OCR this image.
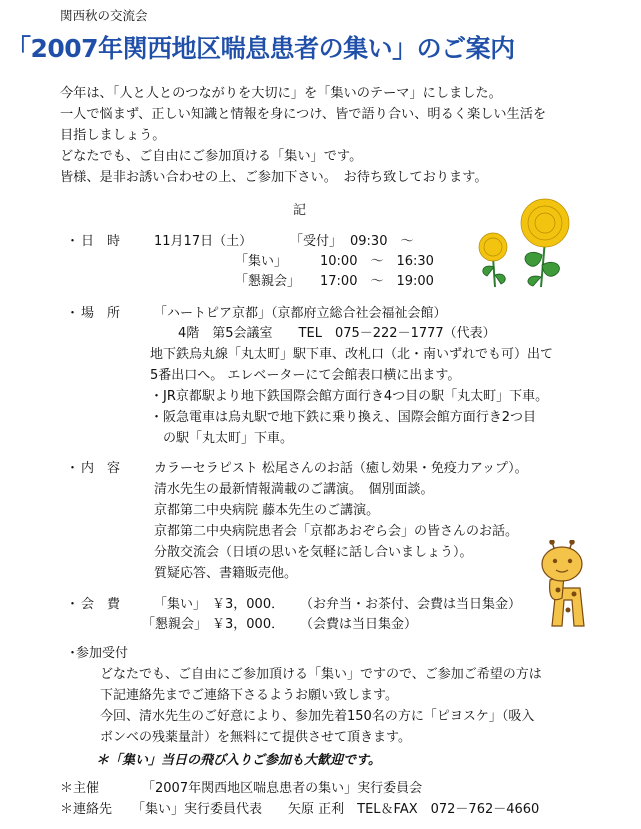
関西秋の交流会
「2007年関西地区喘息患者の集い」のご案内
今年は、「人と人とのつながりを大切に」を「集いのテーマ」にしました。
一人で悩まず、正しい知識と情報を身につけ、皆で語り合い、明るく楽しい生活を
目指しましょう。
どなたでも、ご自由にご参加頂ける「集い」です。
皆様、是非お誘い合わせの上、ご参加下さい。　お待ち致しております。
記
・ 日　時	11月17日（土）	「受付」 09:30　～
「集い」	10:00　～　16:30
「懇親会」 17:00　～　19:00
・ 場　所	「ハートピア京都」（京都府立総合社会福祉会館）
4階　第5会議室　　TEL　075－222－1777（代表）
地下鉄烏丸線「丸太町」駅下車、改札口（北・南いずれでも可）出て
5番出口へ。 エレベーターにて会館表口横に出ます。
・JR京都駅より地下鉄国際会館方面行き4つ目の駅「丸太町」下車。
・阪急電車は烏丸駅で地下鉄に乗り換え、国際会館方面行き2つ目
　の駅「丸太町」下車。
・ 内　容	カラーセラピスト 松尾さんのお話（癒し効果・免疫力アップ）。
清水先生の最新情報満載のご講演。　個別面談。
京都第二中央病院 藤本先生のご講演。
京都第二中央病院患者会「京都あおぞら会」の皆さんのお話。
分散交流会（日頃の思いを気軽に話し合いましょう）。
質疑応答、書籍販売他。
・ 会　費	「集い」 ￥3，000． （お弁当・お茶付、会費は当日集金）
「懇親会」 ￥3，000． （会費は当日集金）
・
参加受付
どなたでも、ご自由にご参加頂ける「集い」ですので、ご参加ご希望の方は
下記連絡先までご連絡下さるようお願い致します。
今回、清水先生のご好意により、参加先着150名の方に「ピヨスケ」（吸入
ボンベの残薬量計）を無料にて提供させて頂きます。
＊「集い」当日の飛び入りご参加も大歓迎です。
＊主催	「2007年関西地区喘息患者の集い」実行委員会
＊連絡先 「集い」実行委員代表　　矢原 正利　TEL＆FAX　072－762－4660
